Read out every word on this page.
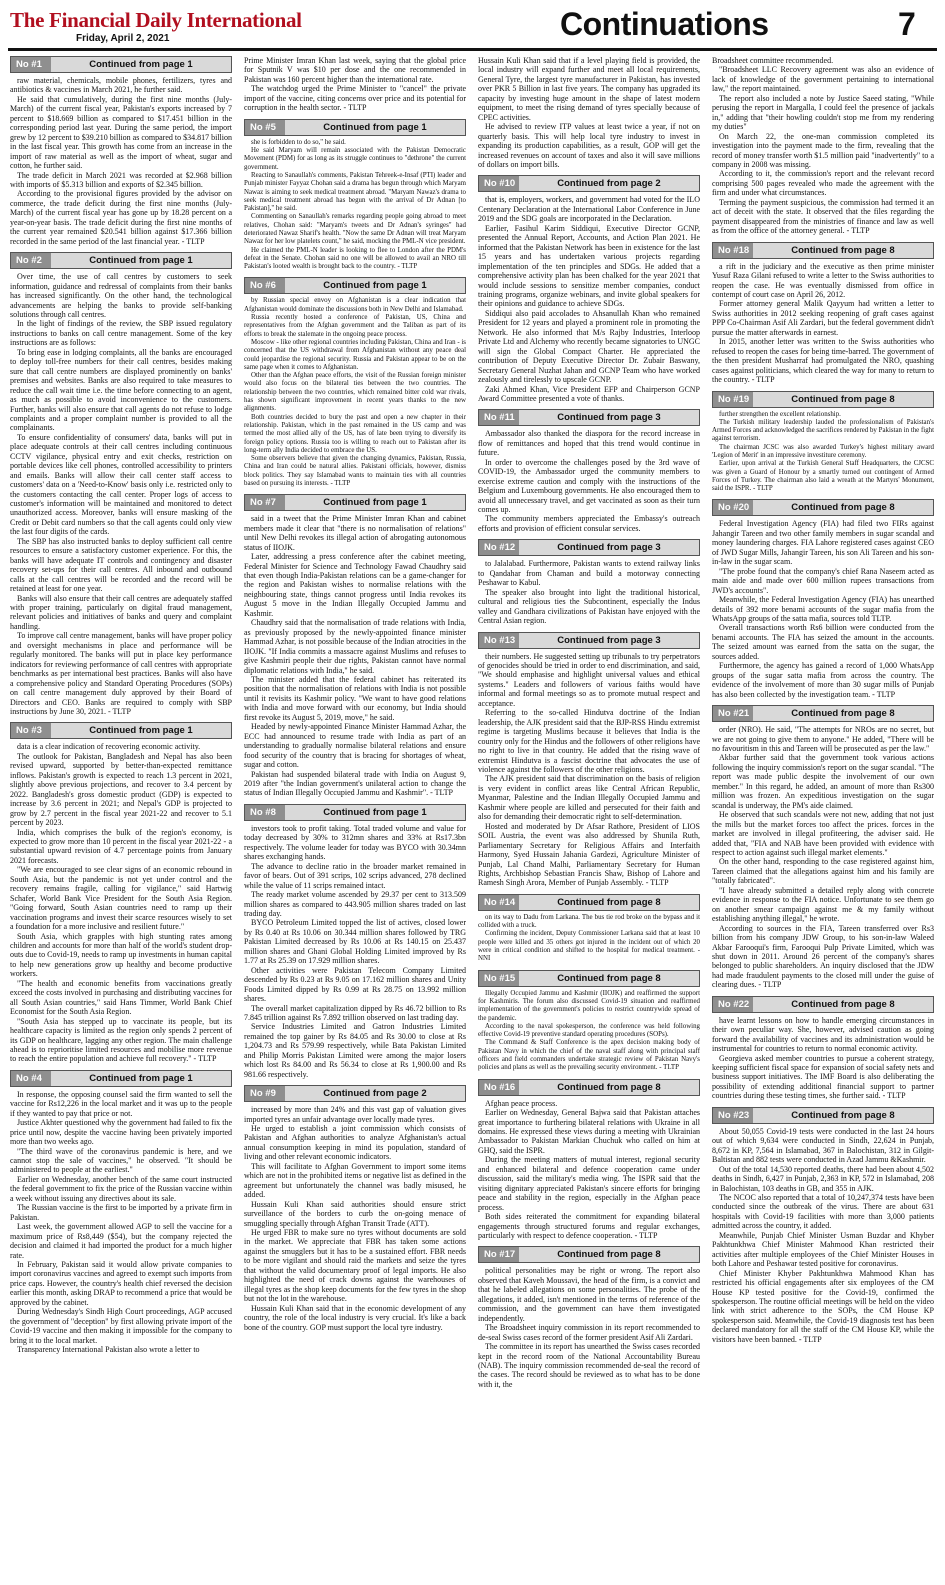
The Financial Daily International
Friday, April 2, 2021	Continuations	7
No #1	Continued from page 1

raw material, chemicals, mobile phones, fertilizers, tyres and antibiotics & vaccines in March 2021, he further said.

He said that cumulatively, during the first nine months (July-March) of the current fiscal year, Pakistan's exports increased by 7 percent to $18.669 billion as compared to $17.451 billion in the corresponding period last year. During the same period, the import grew by 12 percent to $39.210 billion as compared to $34.817 billion in the last fiscal year. This growth has come from an increase in the import of raw material as well as the import of wheat, sugar and cotton, he further said.

The trade deficit in March 2021 was recorded at $2.968 billion with imports of $5.313 billion and exports of $2.345 billion.

According to the provisional figures provided by the advisor on commerce, the trade deficit during the first nine months (July-March) of the current fiscal year has gone up by 18.28 percent on a year-on-year basis. The trade deficit during the first nine months of the current year remained $20.541 billion against $17.366 billion recorded in the same period of the last financial year. - TLTP

No #2	Continued from page 1

Over time, the use of call centres by customers to seek information, guidance and redressal of complaints from their banks has increased significantly. On the other hand, the technological advancements are helping the banks to provide self-banking solutions through call centres.

In the light of findings of the review, the SBP issued regulatory instructions to banks on call centre management. Some of the key instructions are as follows:

To bring ease in lodging complaints, all the banks are encouraged to deploy toll-free numbers for their call centres, besides making sure that call centre numbers are displayed prominently on banks' premises and websites. Banks are also required to take measures to reduce the call wait time i.e. the time before connecting to an agent, as much as possible to avoid inconvenience to the customers. Further, banks will also ensure that call agents do not refuse to lodge complaints and a proper complaint number is provided to all the complainants.

To ensure confidentiality of consumers' data, banks will put in place adequate controls at their call centres including continuous CCTV vigilance, physical entry and exit checks, restriction on portable devices like cell phones, controlled accessibility to printers and emails. Banks will allow their call center staff access to customers' data on a 'Need-to-Know' basis only i.e. restricted only to the customers contacting the call center. Proper logs of access to customer's information will be maintained and monitored to detect unauthorized access. Moreover, banks will ensure masking of the Credit or Debit card numbers so that the call agents could only view the last four digits of the cards.

The SBP has also instructed banks to deploy sufficient call centre resources to ensure a satisfactory customer experience. For this, the banks will have adequate IT controls and contingency and disaster recovery set-ups for their call centres. All inbound and outbound calls at the call centres will be recorded and the record will be retained at least for one year.

Banks will also ensure that their call centres are adequately staffed with proper training, particularly on digital fraud management, relevant policies and initiatives of banks and query and complaint handling.

To improve call centre management, banks will have proper policy and oversight mechanisms in place and performance will be regularly monitored. The banks will put in place key performance indicators for reviewing performance of call centres with appropriate benchmarks as per international best practices. Banks will also have a comprehensive policy and Standard Operating Procedures (SOPs) on call centre management duly approved by their Board of Directors and CEO. Banks are required to comply with SBP instructions by June 30, 2021. - TLTP

No #3	Continued from page 1

data is a clear indication of recovering economic activity.

The outlook for Pakistan, Bangladesh and Nepal has also been revised upward, supported by better-than-expected remittance inflows. Pakistan's growth is expected to reach 1.3 percent in 2021, slightly above previous projections, and recover to 3.4 percent by 2022. Bangladesh's gross domestic product (GDP) is expected to increase by 3.6 percent in 2021; and Nepal's GDP is projected to grow by 2.7 percent in the fiscal year 2021-22 and recover to 5.1 percent by 2023.

India, which comprises the bulk of the region's economy, is expected to grow more than 10 percent in the fiscal year 2021-22 - a substantial upward revision of 4.7 percentage points from January 2021 forecasts.

"We are encouraged to see clear signs of an economic rebound in South Asia, but the pandemic is not yet under control and the recovery remains fragile, calling for vigilance," said Hartwig Schafer, World Bank Vice President for the South Asia Region. "Going forward, South Asian countries need to ramp up their vaccination programs and invest their scarce resources wisely to set a foundation for a more inclusive and resilient future."

South Asia, which grapples with high stunting rates among children and accounts for more than half of the world's student drop-outs due to Covid-19, needs to ramp up investments in human capital to help new generations grow up healthy and become productive workers.

"The health and economic benefits from vaccinations greatly exceed the costs involved in purchasing and distributing vaccines for all South Asian countries," said Hans Timmer, World Bank Chief Economist for the South Asia Region.

"South Asia has stepped up to vaccinate its people, but its healthcare capacity is limited as the region only spends 2 percent of its GDP on healthcare, lagging any other region. The main challenge ahead is to reprioritise limited resources and mobilise more revenue to reach the entire population and achieve full recovery." - TLTP

No #4	Continued from page 1

In response, the opposing counsel said the firm wanted to sell the vaccine for Rs12,226 in the local market and it was up to the people if they wanted to pay that price or not.

Justice Akhter questioned why the government had failed to fix the price until now, despite the vaccine having been privately imported more than two weeks ago.

"The third wave of the coronavirus pandemic is here, and we cannot stop the sale of vaccines," he observed. "It should be administered to people at the earliest."

Earlier on Wednesday, another bench of the same court instructed the federal government to fix the price of the Russian vaccine within a week without issuing any directives about its sale.

The Russian vaccine is the first to be imported by a private firm in Pakistan.

Last week, the government allowed AGP to sell the vaccine for a maximum price of Rs8,449 ($54), but the company rejected the decision and claimed it had imported the product for a much higher rate.

In February, Pakistan said it would allow private companies to import coronavirus vaccines and agreed to exempt such imports from price caps. However, the country's health chief reversed the decision earlier this month, asking DRAP to recommend a price that would be approved by the cabinet.

During Wednesday's Sindh High Court proceedings, AGP accused the government of "deception" by first allowing private import of the Covid-19 vaccine and then making it impossible for the company to bring it to the local market.

Transparency International Pakistan also wrote a letter to

Prime Minister Imran Khan last week, saying that the global price for Sputnik V was $10 per dose and the one recommended in Pakistan was 160 percent higher than the international rate.

The watchdog urged the Prime Minister to "cancel" the private import of the vaccine, citing concerns over price and its potential for corruption in the health sector. - TLTP

No #5	Continued from page 1

she is forbidden to do so," he said.

He said Maryam will remain associated with the Pakistan Democratic Movement (PDM) for as long as its struggle continues to "dethrone" the current government.

Reacting to Sanaullah's comments, Pakistan Tehreek-e-Insaf (PTI) leader and Punjab minister Fayyaz Chohan said a drama has begun through which Maryam Nawaz is aiming to seek medical treatment abroad. "Maryam Nawaz's drama to seek medical treatment abroad has begun with the arrival of Dr Adnan [to Pakistan]," he said.

Commenting on Sanaullah's remarks regarding people going abroad to meet relatives, Chohan said: "Maryam's tweets and Dr Adnan's syringes" had deteriorated Nawaz Sharif's health. "Now the same Dr Adnan will treat Maryam Nawaz for her low platelets count," he said, mocking the PML-N vice president.

He claimed the PML-N leader is looking to flee to London after the PDM's defeat in the Senate. Chohan said no one will be allowed to avail an NRO till Pakistan's looted wealth is brought back to the country. - TLTP

No #6	Continued from page 1

by Russian special envoy on Afghanistan is a clear indication that Afghanistan would dominate the discussions both in New Delhi and Islamabad.

Russia recently hosted a conference of Pakistan, US, China and representatives from the Afghan government and the Taliban as part of its efforts to break the stalemate in the ongoing peace process.

Moscow - like other regional countries including Pakistan, China and Iran - is concerned that the US withdrawal from Afghanistan without any peace deal could jeopardise the regional security. Russia and Pakistan appear to be on the same page when it comes to Afghanistan.

Other than the Afghan peace efforts, the visit of the Russian foreign minister would also focus on the bilateral ties between the two countries. The relationship between the two countries, which remained bitter cold war rivals, has shown significant improvement in recent years thanks to the new alignments.

Both countries decided to bury the past and open a new chapter in their relationship. Pakistan, which in the past remained in the US camp and was termed the most allied ally of the US, has of late been trying to diversify its foreign policy options. Russia too is willing to reach out to Pakistan after its long-term ally India decided to embrace the US.

Some observers believe that given the changing dynamics, Pakistan, Russia, China and Iran could be natural allies. Pakistani officials, however, dismiss block politics. They say Islamabad wants to maintain ties with all countries based on pursuing its interests. - TLTP

No #7	Continued from page 1

said in a tweet that the Prime Minister Imran Khan and cabinet members made it clear that "there is no normalisation of relations" until New Delhi revokes its illegal action of abrogating autonomous status of IIOJK.

Later, addressing a press conference after the cabinet meeting, Federal Minister for Science and Technology Fawad Chaudhry said that even though India-Pakistan relations can be a game-changer for the region and Pakistan wishes to normalise relations with the neighbouring state, things cannot progress until India revokes its August 5 move in the Indian Illegally Occupied Jammu and Kashmir.

Chaudhry said that the normalisation of trade relations with India, as previously proposed by the newly-appointed finance minister Hammad Azhar, is not possible because of the Indian atrocities in the IIOJK. "If India commits a massacre against Muslims and refuses to give Kashmiri people their due rights, Pakistan cannot have normal diplomatic relations with India," he said.

The minister added that the federal cabinet has reiterated its position that the normalisation of relations with India is not possible until it revisits its Kashmir policy. "We want to have good relations with India and move forward with our economy, but India should first revoke its August 5, 2019, move," he said.

Headed by newly-appointed Finance Minister Hammad Azhar, the ECC had announced to resume trade with India as part of an understanding to gradually normalise bilateral relations and ensure food security of the country that is bracing for shortages of wheat, sugar and cotton.

Pakistan had suspended bilateral trade with India on August 9, 2019 after "the Indian government's unilateral action to change the status of Indian Illegally Occupied Jammu and Kashmir". - TLTP

No #8	Continued from page 1

investors took to profit taking. Total traded volume and value for today decreased by 30% to 312mn shares and 33% at Rs17.3bn respectively. The volume leader for today was BYCO with 30.34mn shares exchanging hands.

The advance to decline ratio in the broader market remained in favor of bears. Out of 391 scrips, 102 scrips advanced, 278 declined while the value of 11 scrips remained intact.

The ready market volume ascended by 29.37 per cent to 313.509 million shares as compared to 443.905 million shares traded on last trading day.

BYCO Petroleum Limited topped the list of actives, closed lower by Rs 0.40 at Rs 10.06 on 30.344 million shares followed by TRG Pakistan Limited decreased by Rs 10.06 at Rs 140.15 on 25.437 million shares and Ghani Global Holding Limited improved by Rs 1.77 at Rs 25.39 on 17.929 million shares.

Other activities were Pakistan Telecom Company Limited descended by Rs 0.23 at Rs 9.05 on 17.162 million shares and Unity Foods Limited dipped by Rs 0.99 at Rs 28.75 on 13.992 million shares.

The overall market capitalization dipped by Rs 46.72 billion to Rs 7.845 trillion against Rs 7.892 trillion observed on last trading day.

Service Industries Limited and Gatron Industries Limited remained the top gainer by Rs 84.05 and Rs 30.00 to close at Rs 1,204.73 and Rs 579.99 respectively, while Bata Pakistan Limited and Philip Morris Pakistan Limited were among the major losers which lost Rs 84.00 and Rs 56.34 to close at Rs 1,900.00 and Rs 981.66 respectively.

No #9	Continued from page 2

increased by more than 24% and this vast gap of valuation gives imported tyres an unfair advantage over locally made tyres.

He urged to establish a joint commission which consists of Pakistan and Afghan authorities to analyze Afghanistan's actual annual consumption keeping in mind its population, standard of living and other relevant economic indicators.

This will facilitate to Afghan Government to import some items which are not in the prohibited items or negative list as defined in the agreement but unfortunately the channel was badly misused, he added.

Hussain Kuli Khan said authorities should ensure strict surveillance of the borders to curb the on-going menace of smuggling specially through Afghan Transit Trade (ATT).

He urged FBR to make sure no tyres without documents are sold in the market. We appreciate that FBR has taken some actions against the smugglers but it has to be a sustained effort. FBR needs to be more vigilant and should raid the markets and seize the tyres that without the valid documentary proof of legal imports. He also highlighted the need of crack downs against the warehouses of illegal tyres as the shop keep documents for the few tyres in the shop but not the lot in the warehouse.

Hussain Kuli Khan said that in the economic development of any country, the role of the local industry is very crucial. It's like a back bone of the country. GOP must support the local tyre industry.

Hussain Kuli Khan said that if a level playing field is provided, the local industry will expand further and meet all local requirements, General Tyre, the largest tyre manufacturer in Pakistan, has invested over PKR 5 Billion in last five years. The company has upgraded its capacity by investing huge amount in the shape of latest modern equipment, to meet the rising demand of tyres specially because of CPEC activities.

He advised to review ITP values at least twice a year, if not on quarterly basis. This will help local tyre industry to invest in expanding its production capabilities, as a result, GOP will get the increased revenues on account of taxes and also it will save millions of dollars on import bills.

No #10	Continued from page 2

that is, employers, workers, and government had voted for the ILO Centenary Declaration at the International Labor Conference in June 2019 and the SDG goals are incorporated in the Declaration.

Earlier, Fasihul Karim Siddiqui, Executive Director GCNP, presented the Annual Report, Accounts, and Action Plan 2021. He informed that the Pakistan Network has been in existence for the last 15 years and has undertaken various projects regarding implementation of the ten principles and SDGs. He added that a comprehensive activity plan has been chalked for the year 2021 that would include sessions to sensitize member companies, conduct training programs, organize webinars, and invite global speakers for their opinions and guidance to achieve SDGs.

Siddiqui also paid accolades to Ahsanullah Khan who remained President for 12 years and played a prominent role in promoting the Network. He also informed that M/s Rajby Industries, Interloop Private Ltd and Alchemy who recently became signatories to UNGC will sign the Global Compact Charter. He appreciated the contribution of Deputy Executive Director Dr. Zubair Baswany, Secretary General Nuzhat Jahan and GCNP Team who have worked zealously and tirelessly to upscale GCNP.

Zaki Ahmed Khan, Vice President EFP and Chairperson GCNP Award Committee presented a vote of thanks.

No #11	Continued from page 3

Ambassador also thanked the diaspora for the record increase in flow of remittances and hoped that this trend would continue in future.

In order to overcome the challenges posed by the 3rd wave of COVID-19, the Ambassador urged the community members to exercise extreme caution and comply with the instructions of the Belgium and Luxembourg governments. He also encouraged them to avoid all unnecessary travel, and get vaccinated as soon as their turn comes up.

The community members appreciated the Embassy's outreach efforts and provision of efficient consular services.

No #12	Continued from page 3

to Jalalabad. Furthermore, Pakistan wants to extend railway links to Qandahar from Chaman and build a motorway connecting Peshawar to Kabul.

The speaker also brought into light the traditional historical, cultural and religious ties the Subcontinent, especially the Indus valley and Gandhara civilizations of Pakistan have enjoyed with the Central Asian region.

No #13	Continued from page 3

their numbers. He suggested setting up tribunals to try perpetrators of genocides should be tried in order to end discrimination, and said, "We should emphasise and highlight universal values and ethical systems." Leaders and followers of various faiths would have informal and formal meetings so as to promote mutual respect and acceptance.

Referring to the so-called Hindutva doctrine of the Indian leadership, the AJK president said that the BJP-RSS Hindu extremist regime is targeting Muslims because it believes that India is the country only for the Hindus and the followers of other religions have no right to live in that country. He added that the rising wave of extremist Hindutva is a fascist doctrine that advocates the use of violence against the followers of the other religions.

The AJK president said that discrimination on the basis of religion is very evident in conflict areas like Central African Republic, Myanmar, Palestine and the Indian Illegally Occupied Jammu and Kashmir where people are killed and persecuted for their faith and also for demanding their democratic right to self-determination.

Hosted and moderated by Dr Afsar Rathore, President of LIOS SOIL Austria, the event was also addressed by Shunila Ruth, Parliamentary Secretary for Religious Affairs and Interfaith Harmony, Syed Hussain Jahania Gardezi, Agriculture Minister of Punjab, Lal Chand Malhi, Parliamentary Secretary for Human Rights, Archbishop Sebastian Francis Shaw, Bishop of Lahore and Ramesh Singh Arora, Member of Punjab Assembly. - TLTP

No #14	Continued from page 8

on its way to Dadu from Larkana. The bus tie rod broke on the bypass and it collided with a truck.

Confirming the incident, Deputy Commissioner Larkana said that at least 10 people were killed and 35 others got injured in the incident out of which 20 were in critical condition and shifted to the hospital for medical treatment. - NNI

No #15	Continued from page 8

Illegally Occupied Jammu and Kashmir (IIOJK) and reaffirmed the support for Kashmiris. The forum also discussed Covid-19 situation and reaffirmed implementation of the government's policies to restrict countrywide spread of the pandemic.

According to the naval spokesperson, the conference was held following effective Covid-19 preventive standard operating procedures (SOPs).

The Command & Staff Conference is the apex decision making body of Pakistan Navy in which the chief of the naval staff along with principal staff officers and field commanders undertake strategic review of Pakistan Navy's policies and plans as well as the prevailing security environment. - TLTP

No #16	Continued from page 8

Afghan peace process.

Earlier on Wednesday, General Bajwa said that Pakistan attaches great importance to furthering bilateral relations with Ukraine in all domains. He expressed these views during a meeting with Ukrainian Ambassador to Pakistan Markian Chuchuk who called on him at GHQ, said the ISPR.

During the meeting matters of mutual interest, regional security and enhanced bilateral and defence cooperation came under discussion, said the military's media wing. The ISPR said that the visiting dignitary appreciated Pakistan's sincere efforts for bringing peace and stability in the region, especially in the Afghan peace process.

Both sides reiterated the commitment for expanding bilateral engagements through structured forums and regular exchanges, particularly with respect to defence cooperation. - TLTP

No #17	Continued from page 8

political personalities may be right or wrong. The report also observed that Kaveh Moussavi, the head of the firm, is a convict and that he labeled allegations on some personalities. The probe of the allegations, it added, isn't mentioned in the terms of reference of the commission, and the government can have them investigated independently.

The Broadsheet inquiry commission in its report recommended to de-seal Swiss cases record of the former president Asif Ali Zardari.

The committee in its report has unearthed the Swiss cases recorded kept in the record room of the National Accountability Bureau (NAB). The inquiry commission recommended de-seal the record of the cases. The record should be reviewed as to what has to be done with it, the

Broadsheet committee recommended.

"Broadsheet LLC Recovery agreement was also an evidence of lack of knowledge of the government pertaining to international law," the report maintained.

The report also included a note by Justice Saeed stating, "While perusing the report in Margalla, I could feel the presence of jackals in," adding that "their howling couldn't stop me from my rendering my duties"

On March 22, the one-man commission completed its investigation into the payment made to the firm, revealing that the record of money transfer worth $1.5 million paid "inadvertently" to a company in 2008 was missing.

According to it, the commission's report and the relevant record comprising 500 pages revealed who made the agreement with the firm and under what circumstances.

Terming the payment suspicious, the commission had termed it an act of deceit with the state. It observed that the files regarding the payment disappeared from the ministries of finance and law as well as from the office of the attorney general. - TLTP

No #18	Continued from page 8

a rift in the judiciary and the executive as then prime minister Yusuf Raza Gilani refused to write a letter to the Swiss authorities to reopen the case. He was eventually dismissed from office in contempt of court case on April 26, 2012.

Former attorney general Malik Qayyum had written a letter to Swiss authorities in 2012 seeking reopening of graft cases against PPP Co-Chairman Asif Ali Zardari, but the federal government didn't pursue the matter afterwards in earnest.

In 2015, another letter was written to the Swiss authorities who refused to reopen the cases for being time-barred. The government of the then president Musharraf had promulgated the NRO, quashing cases against politicians, which cleared the way for many to return to the country. - TLTP

No #19	Continued from page 8

further strengthen the excellent relationship.

The Turkish military leadership lauded the professionalism of Pakistan's Armed Forces and acknowledged the sacrifices rendered by Pakistan in the fight against terrorism.

The chairman JCSC was also awarded Turkey's highest military award 'Legion of Merit' in an impressive investiture ceremony.

Earlier, upon arrival at the Turkish General Staff Headquarters, the CJCSC was given a Guard of Honour by a smartly turned out contingent of Armed Forces of Turkey. The chairman also laid a wreath at the Martyrs' Monument, said the ISPR. - TLTP

No #20	Continued from page 8

Federal Investigation Agency (FIA) had filed two FIRs against Jahangir Tareen and two other family members in sugar scandal and money laundering charges. FIA Lahore registered cases against CEO of JWD Sugar Mills, Jahangir Tareen, his son Ali Tareen and his son-in-law in the sugar scam.

"The probe found that the company's chief Rana Naseem acted as main aide and made over 600 million rupees transactions from JWD's accounts".

Meanwhile, the Federal Investigation Agency (FIA) has unearthed details of 392 more benami accounts of the sugar mafia from the WhatsApp groups of the satta mafia, sources told TLTP.

Overall transactions worth Rs6 billion were conducted from the benami accounts. The FIA has seized the amount in the accounts. The seized amount was earned from the satta on the sugar, the sources added.

Furthermore, the agency has gained a record of 1,000 WhatsApp groups of the sugar satta mafia from across the country. The evidence of the involvement of more than 30 sugar mills of Punjab has also been collected by the investigation team. - TLTP

No #21	Continued from page 8

order (NRO). He said, "The attempts for NROs are no secret, but we are not going to give them to anyone." He added, "There will be no favouritism in this and Tareen will be prosecuted as per the law."

Akbar further said that the government took various actions following the inquiry commission's report on the sugar scandal. "The report was made public despite the involvement of our own member." In this regard, he added, an amount of more than Rs300 million was frozen. An expeditious investigation on the sugar scandal is underway, the PM's aide claimed.

He observed that such scandals were not new, adding that not just the mills but the market forces too affect the prices. forces in the market are involved in illegal profiteering, the adviser said. He added that, "FIA and NAB have been provided with evidence with respect to action against such illegal market elements."

On the other hand, responding to the case registered against him, Tareen claimed that the allegations against him and his family are "totally fabricated".

"I have already submitted a detailed reply along with concrete evidence in response to the FIA notice. Unfortunate to see them go on another smear campaign against me & my family without establishing anything illegal," he wrote.

According to sources in the FIA, Tareen transferred over Rs3 billion from his company JDW Group, to his son-in-law Waleed Akbar Farooqui's firm, Farooqui Pulp Private Limited, which was shut down in 2011. Around 26 percent of the company's shares belonged to public shareholders. An inquiry disclosed that the JDW had made fraudulent payments to the closed mill under the guise of clearing dues. - TLTP

No #22	Continued from page 8

have learnt lessons on how to handle emerging circumstances in their own peculiar way. She, however, advised caution as going forward the availability of vaccines and its administration would be instrumental for countries to return to normal economic activity.

Georgieva asked member countries to pursue a coherent strategy, keeping sufficient fiscal space for expansion of social safety nets and business support initiatives. The IMF Board is also deliberating the possibility of extending additional financial support to partner countries during these testing times, she further said. - TLTP

No #23	Continued from page 8

About 50,055 Covid-19 tests were conducted in the last 24 hours out of which 9,634 were conducted in Sindh, 22,624 in Punjab, 8,672 in KP, 7,564 in Islamabad, 367 in Balochistan, 312 in Gilgit-Baltistan and 882 tests were conducted in Azad Jammu &Kashmir.

Out of the total 14,530 reported deaths, there had been about 4,502 deaths in Sindh, 6,427 in Punjab, 2,363 in KP, 572 in Islamabad, 208 in Balochistan, 103 deaths in GB, and 355 in AJK.

The NCOC also reported that a total of 10,247,374 tests have been conducted since the outbreak of the virus. There are about 631 hospitals with Covid-19 facilities with more than 3,000 patients admitted across the country, it added.

Meanwhile, Punjab Chief Minister Usman Buzdar and Khyber Pakhtunkhwa Chief Minister Mahmood Khan restricted their activities after multiple employees of the Chief Minister Houses in both Lahore and Peshawar tested positive for coronavirus.

Chief Minister Khyber Pakhtunkhwa Mahmood Khan has restricted his official engagements after six employees of the CM House KP tested positive for the Covid-19, confirmed the spokesperson. The routine official meetings will be held on the video link with strict adherence to the SOPs, the CM House KP spokesperson said. Meanwhile, the Covid-19 diagnosis test has been declared mandatory for all the staff of the CM House KP, while the visitors have been banned. - TLTP
